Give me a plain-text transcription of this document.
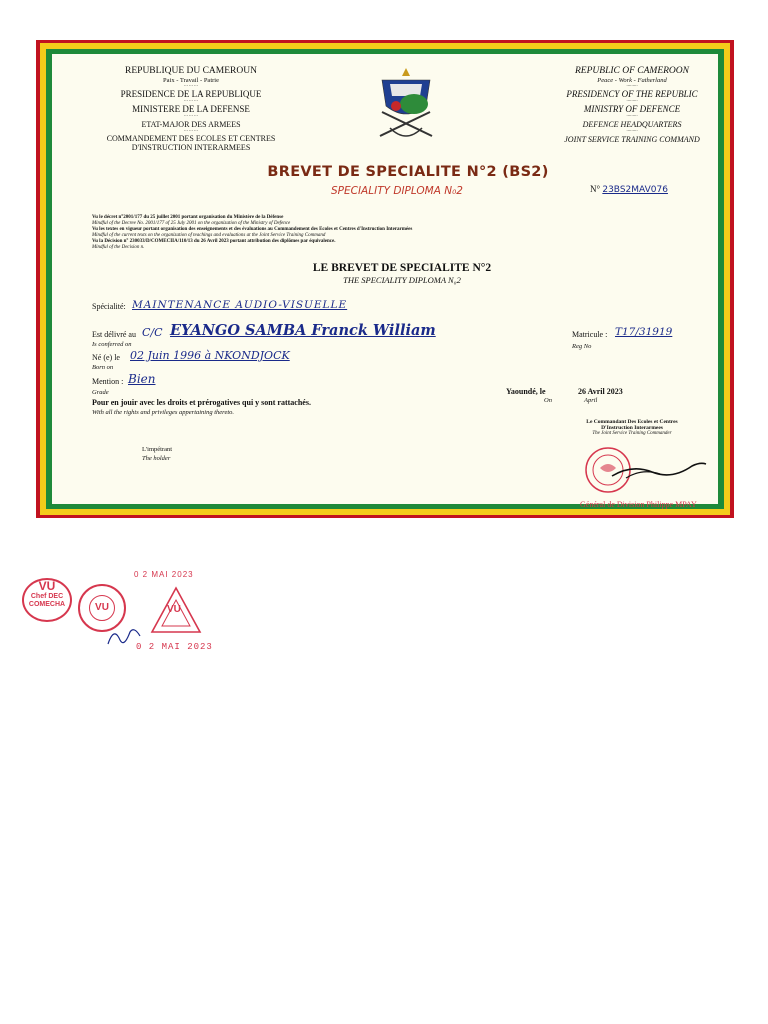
REPUBLIQUE DU CAMEROUN
Paix - Travail - Patrie
·········
PRESIDENCE DE LA REPUBLIQUE
·········
MINISTERE DE LA DEFENSE
·········
ETAT-MAJOR DES ARMEES
·········
COMMANDEMENT DES ECOLES ET CENTRES
D'INSTRUCTION INTERARMEES
REPUBLIC OF CAMEROON
Peace - Work - Fatherland
·········
PRESIDENCY OF THE REPUBLIC
·········
MINISTRY OF DEFENCE
·········
DEFENCE HEADQUARTERS
·········
JOINT SERVICE TRAINING COMMAND
BREVET DE SPECIALITE N°2 (BS2)
SPECIALITY DIPLOMA N₀2	N° 23BS2MAV076
Vu le décret n°2001/177 du 25 juillet 2001 portant organisation du Ministère de la Défense
Mindful of the Decree No. 2001/177 of 25 July 2001 on the organization of the Ministry of Defence
Vu les textes en vigueur portant organisation des enseignements et des évaluations au Commandement des Ecoles et Centres d'Instruction Interarmées
Mindful of the current texts on the organization of teachings and evaluations at the Joint Service Training Command
Vu la Décision n° 230033/D/COMECIIA/110/13 du 26 Avril 2023 portant attribution des diplômes par équivalence.
Mindful of the Decision n.
LE BREVET DE SPECIALITE N°2
THE SPECIALITY DIPLOMA N₀2
Spécialité: MAINTENANCE AUDIO-VISUELLE
Est délivré au C/C EYANGO SAMBA Franck William
Is conferred on
Matricule : T17/31919
Reg No
Né (e) le 02 Juin 1996 à NKONDJOCK
Born on
Mention : Bien
Grade
Pour en jouir avec les droits et prérogatives qui y sont rattachés.
With all the rights and privileges appertaining thereto.
Yaoundé, le
On
26 Avril 2023
April
L'impétrant
The holder
Le Commandant Des Ecoles et Centres
D'Instruction Interarmees
The Joint Service Training Commander
Général de Division Philippe MPAY
VU
Chef DEC
COMECHA	VU	VU
0 2 MAI 2023
0 2 MAI 2023
